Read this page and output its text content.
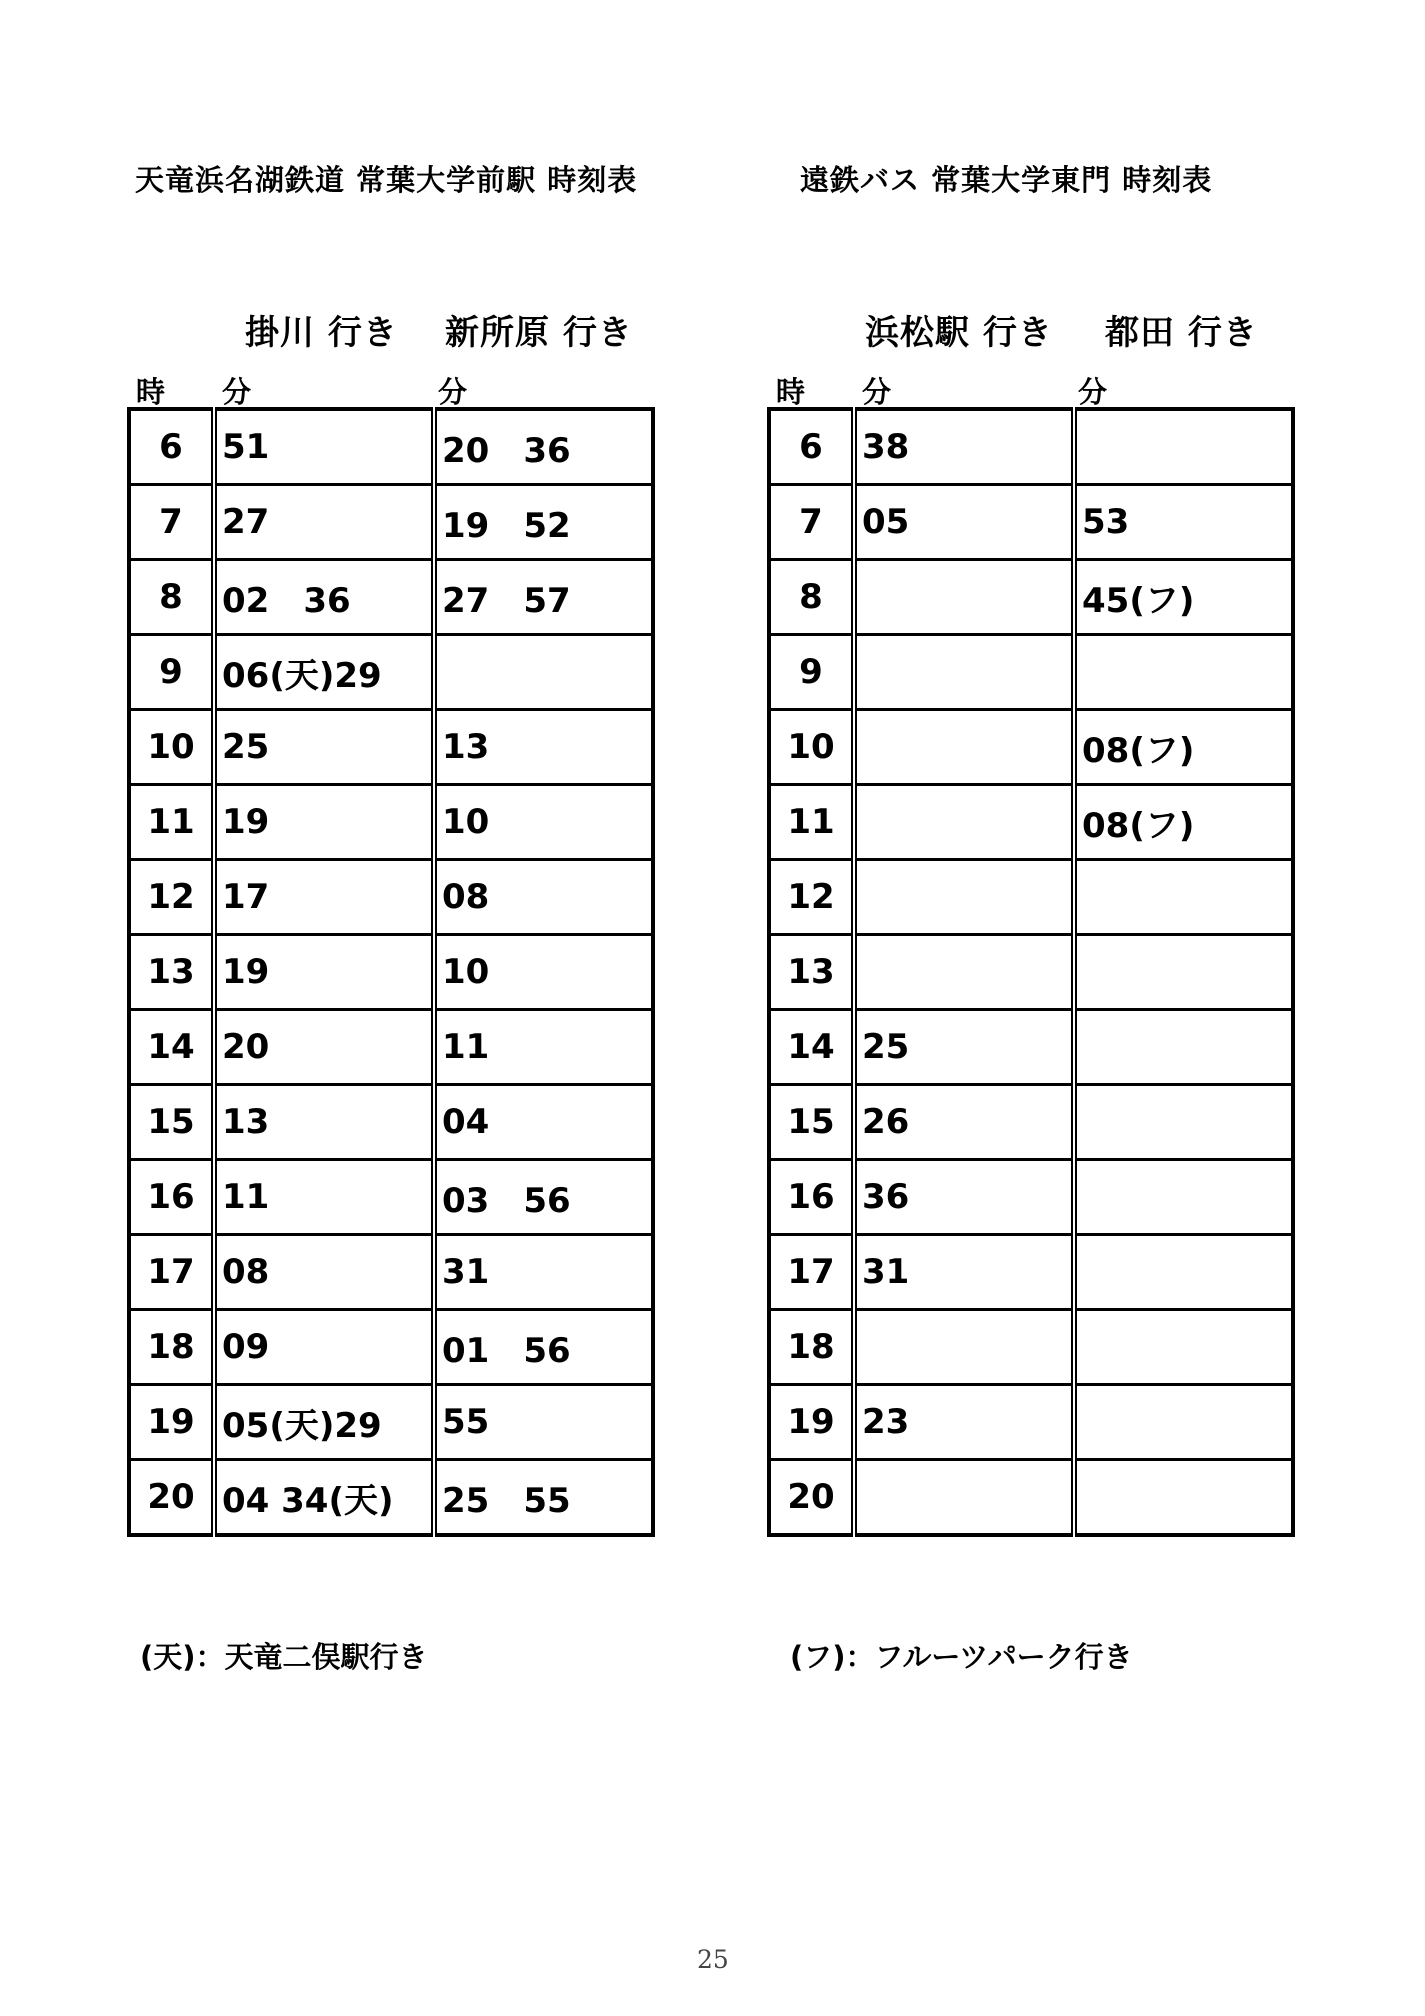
天竜浜名湖鉄道 常葉大学前駅 時刻表	遠鉄バス 常葉大学東門 時刻表
掛川 行き 新所原 行き	浜松駅 行き 都田 行き
時 分	分	時 分	分
6	51	20　36
7	27	19　52
8	02　36	27　57
9	06(天)29	
10	25	13
11	19	10
12	17	08
13	19	10
14	20	11
15	13	04
16	11	03　56
17	08	31
18	09	01　56
19	05(天)29	55
20	04 34(天)	25　55
6	38	
7	05	53
8		45(フ)
9		
10		08(フ)
11		08(フ)
12		
13		
14	25	
15	26	
16	36	
17	31	
18		
19	23	
20		
(天)：天竜二俣駅行き	(フ)：フルーツパーク行き
25
